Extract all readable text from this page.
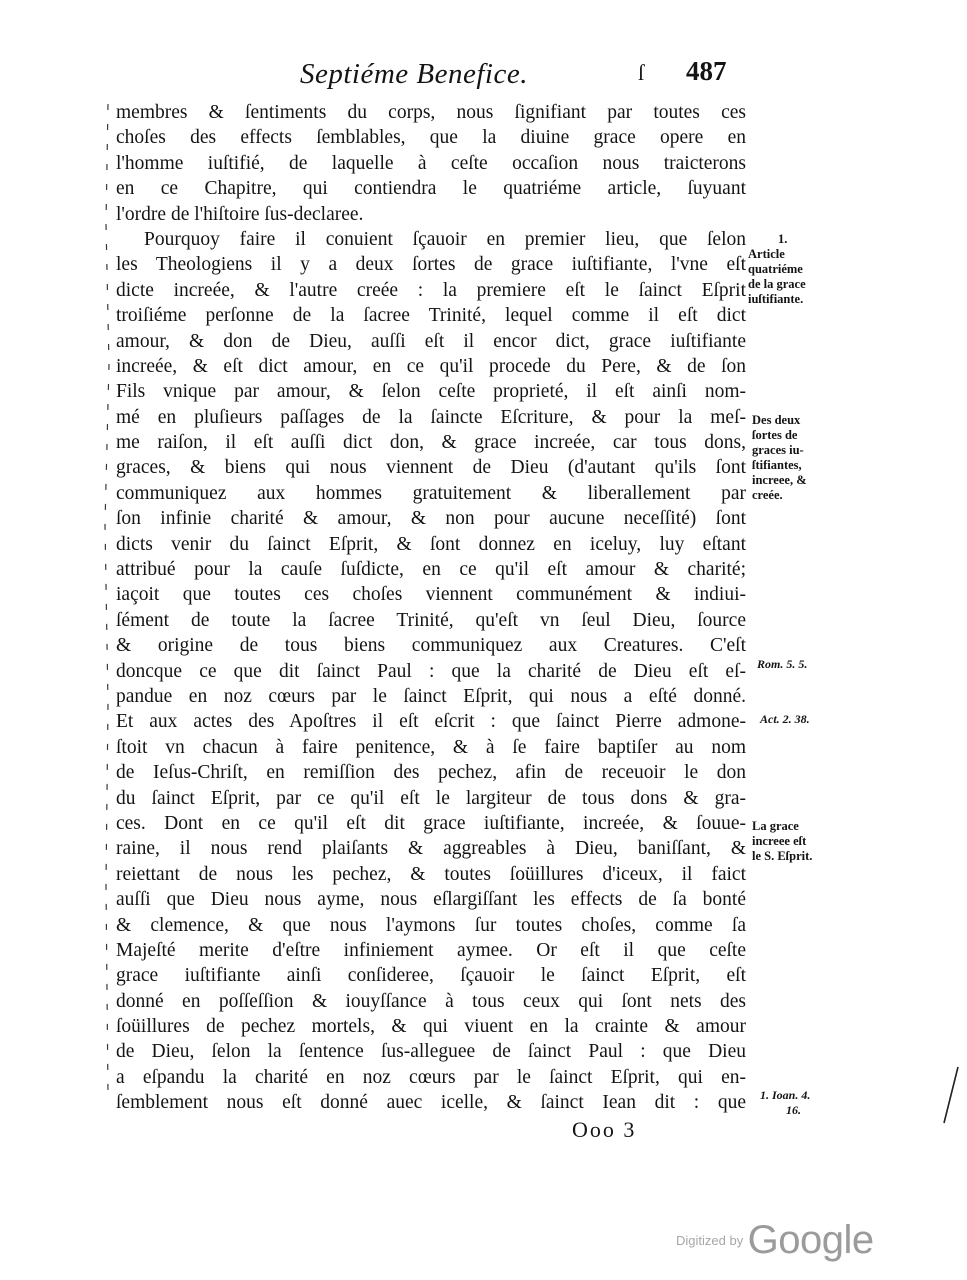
Septiéme Benefice.	ſ 487
membres & ſentiments du corps, nous ſignifiant par toutes ces
choſes des effects ſemblables, que la diuine grace opere en
l'homme iuſtifié, de laquelle à ceſte occaſion nous traicterons
en ce Chapitre, qui contiendra le quatriéme article, ſuyuant
l'ordre de l'hiſtoire ſus-declaree.
Pourquoy faire il conuient ſçauoir en premier lieu, que ſelon
les Theologiens il y a deux ſortes de grace iuſtifiante, l'vne eſt
dicte increée, & l'autre creée : la premiere eſt le ſainct Eſprit
troiſiéme perſonne de la ſacree Trinité, lequel comme il eſt dict
amour, & don de Dieu, auſſi eſt il encor dict, grace iuſtifiante
increée, & eſt dict amour, en ce qu'il procede du Pere, & de ſon
Fils vnique par amour, & ſelon ceſte proprieté, il eſt ainſi nom-
mé en pluſieurs paſſages de la ſaincte Eſcriture, & pour la meſ-
me raiſon, il eſt auſſi dict don, & grace increée, car tous dons,
graces, & biens qui nous viennent de Dieu (d'autant qu'ils ſont
communiquez aux hommes gratuitement & liberallement par
ſon infinie charité & amour, & non pour aucune neceſſité) ſont
dicts venir du ſainct Eſprit, & ſont donnez en iceluy, luy eſtant
attribué pour la cauſe ſuſdicte, en ce qu'il eſt amour & charité;
iaçoit que toutes ces choſes viennent communément & indiui-
ſément de toute la ſacree Trinité, qu'eſt vn ſeul Dieu, ſource
& origine de tous biens communiquez aux Creatures. C'eſt
doncque ce que dit ſainct Paul : que la charité de Dieu eſt eſ-
pandue en noz cœurs par le ſainct Eſprit, qui nous a eſté donné.
Et aux actes des Apoſtres il eſt eſcrit : que ſainct Pierre admone-
ſtoit vn chacun à faire penitence, & à ſe faire baptiſer au nom
de Ieſus-Chriſt, en remiſſion des pechez, afin de receuoir le don
du ſainct Eſprit, par ce qu'il eſt le largiteur de tous dons & gra-
ces. Dont en ce qu'il eſt dit grace iuſtifiante, increée, & ſouue-
raine, il nous rend plaiſants & aggreables à Dieu, baniſſant, &
reiettant de nous les pechez, & toutes ſoüillures d'iceux, il faict
auſſi que Dieu nous ayme, nous eſlargiſſant les effects de ſa bonté
& clemence, & que nous l'aymons ſur toutes choſes, comme ſa
Majeſté merite d'eſtre infiniement aymee. Or eſt il que ceſte
grace iuſtifiante ainſi conſideree, ſçauoir le ſainct Eſprit, eſt
donné en poſſeſſion & iouyſſance à tous ceux qui ſont nets des
ſoüillures de pechez mortels, & qui viuent en la crainte & amour
de Dieu, ſelon la ſentence ſus-alleguee de ſainct Paul : que Dieu
a eſpandu la charité en noz cœurs par le ſainct Eſprit, qui en-
ſemblement nous eſt donné auec icelle, & ſainct Iean dit : que
1.
Article
quatriéme
de la grace
iuſtifiante.
Des deux
ſortes de
graces iu-
ſtifiantes,
increee, &
creée.
Rom. 5. 5.
Act. 2. 38.
La grace
increee eſt
le S. Eſprit.
1. Ioan. 4.
16.
Ooo 3
Digitized by Google
